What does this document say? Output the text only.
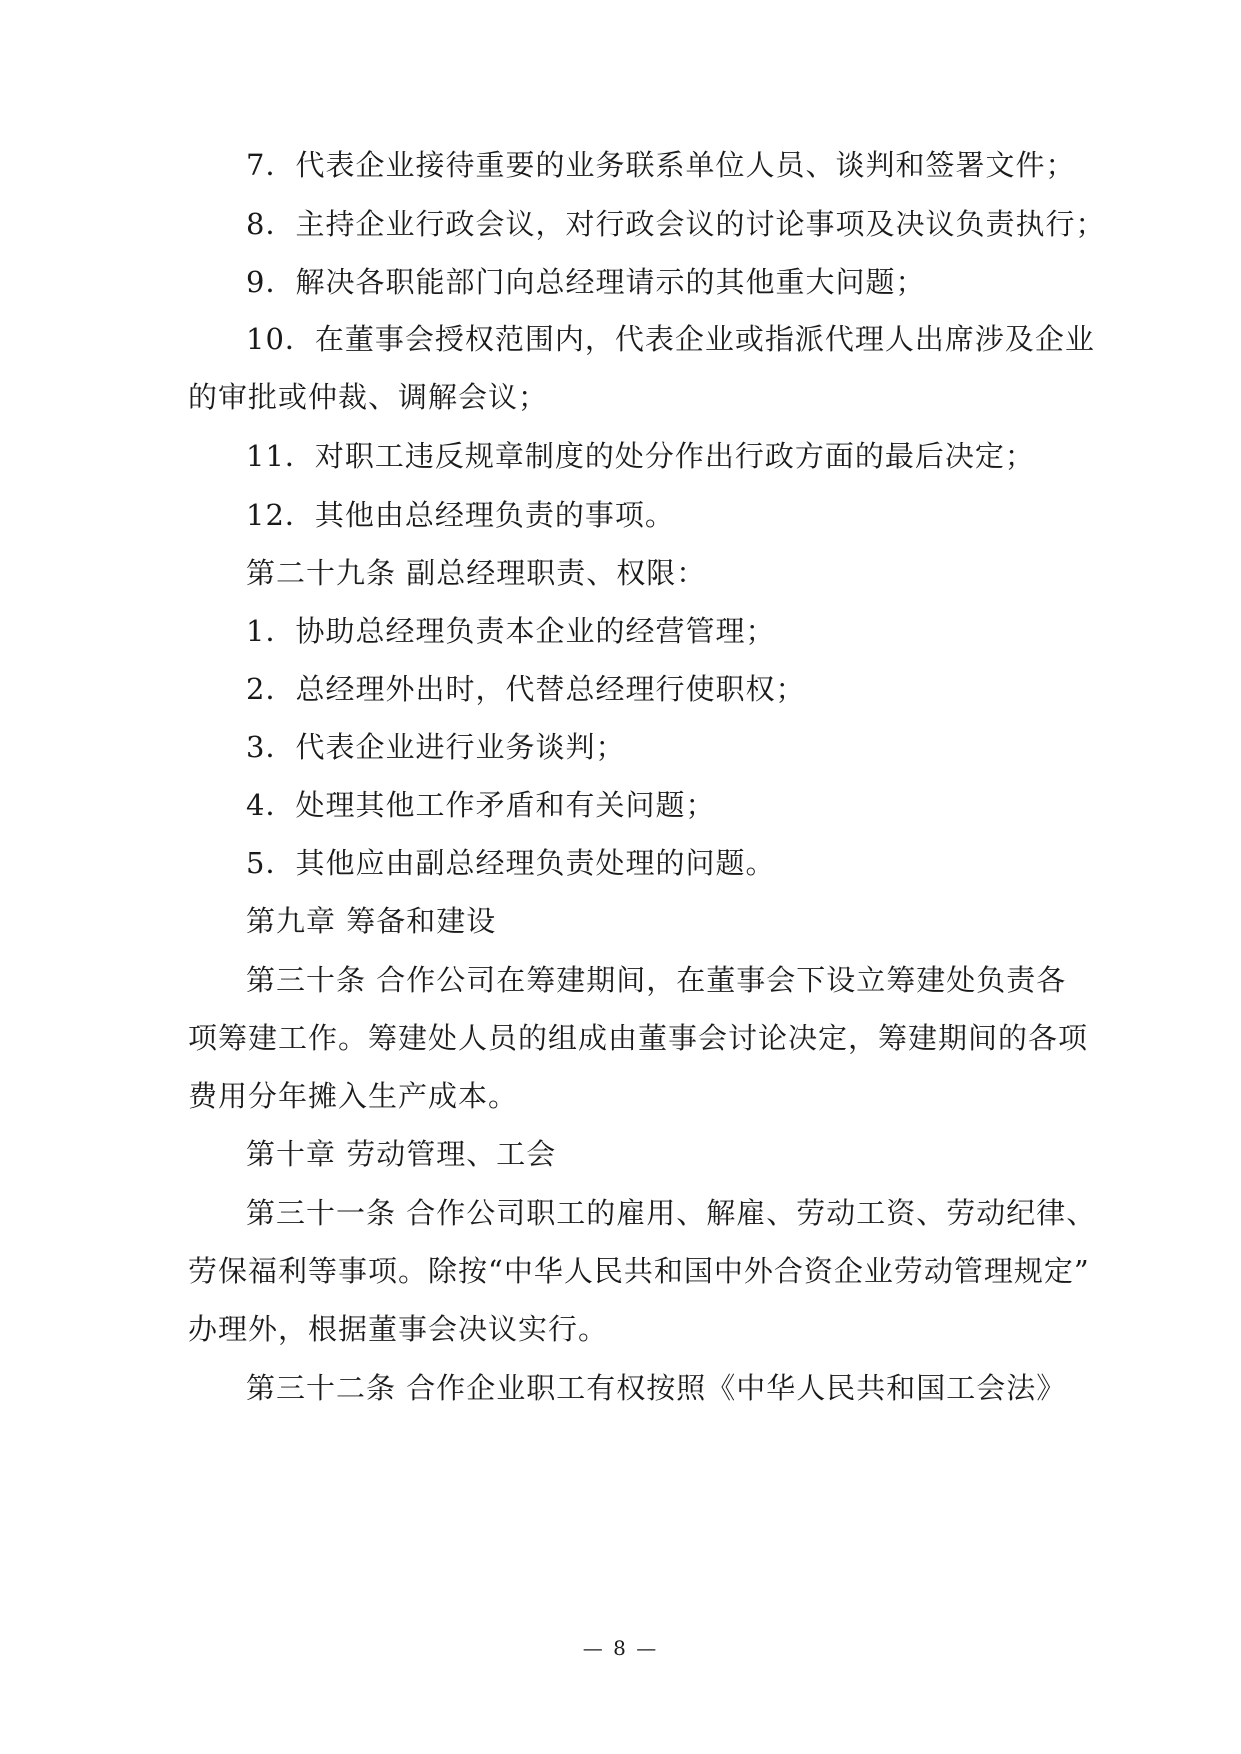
7．代表企业接待重要的业务联系单位人员、谈判和签署文件；
8．主持企业行政会议，对行政会议的讨论事项及决议负责执行；
9．解决各职能部门向总经理请示的其他重大问题；
10．在董事会授权范围内，代表企业或指派代理人出席涉及企业
的审批或仲裁、调解会议；
11．对职工违反规章制度的处分作出行政方面的最后决定；
12．其他由总经理负责的事项。
第二十九条 副总经理职责、权限：
1．协助总经理负责本企业的经营管理；
2．总经理外出时，代替总经理行使职权；
3．代表企业进行业务谈判；
4．处理其他工作矛盾和有关问题；
5．其他应由副总经理负责处理的问题。
第九章 筹备和建设
第三十条 合作公司在筹建期间，在董事会下设立筹建处负责各
项筹建工作。筹建处人员的组成由董事会讨论决定，筹建期间的各项
费用分年摊入生产成本。
第十章 劳动管理、工会
第三十一条 合作公司职工的雇用、解雇、劳动工资、劳动纪律、
劳保福利等事项。除按“中华人民共和国中外合资企业劳动管理规定”
办理外，根据董事会决议实行。
第三十二条 合作企业职工有权按照《中华人民共和国工会法》
— 8 —
